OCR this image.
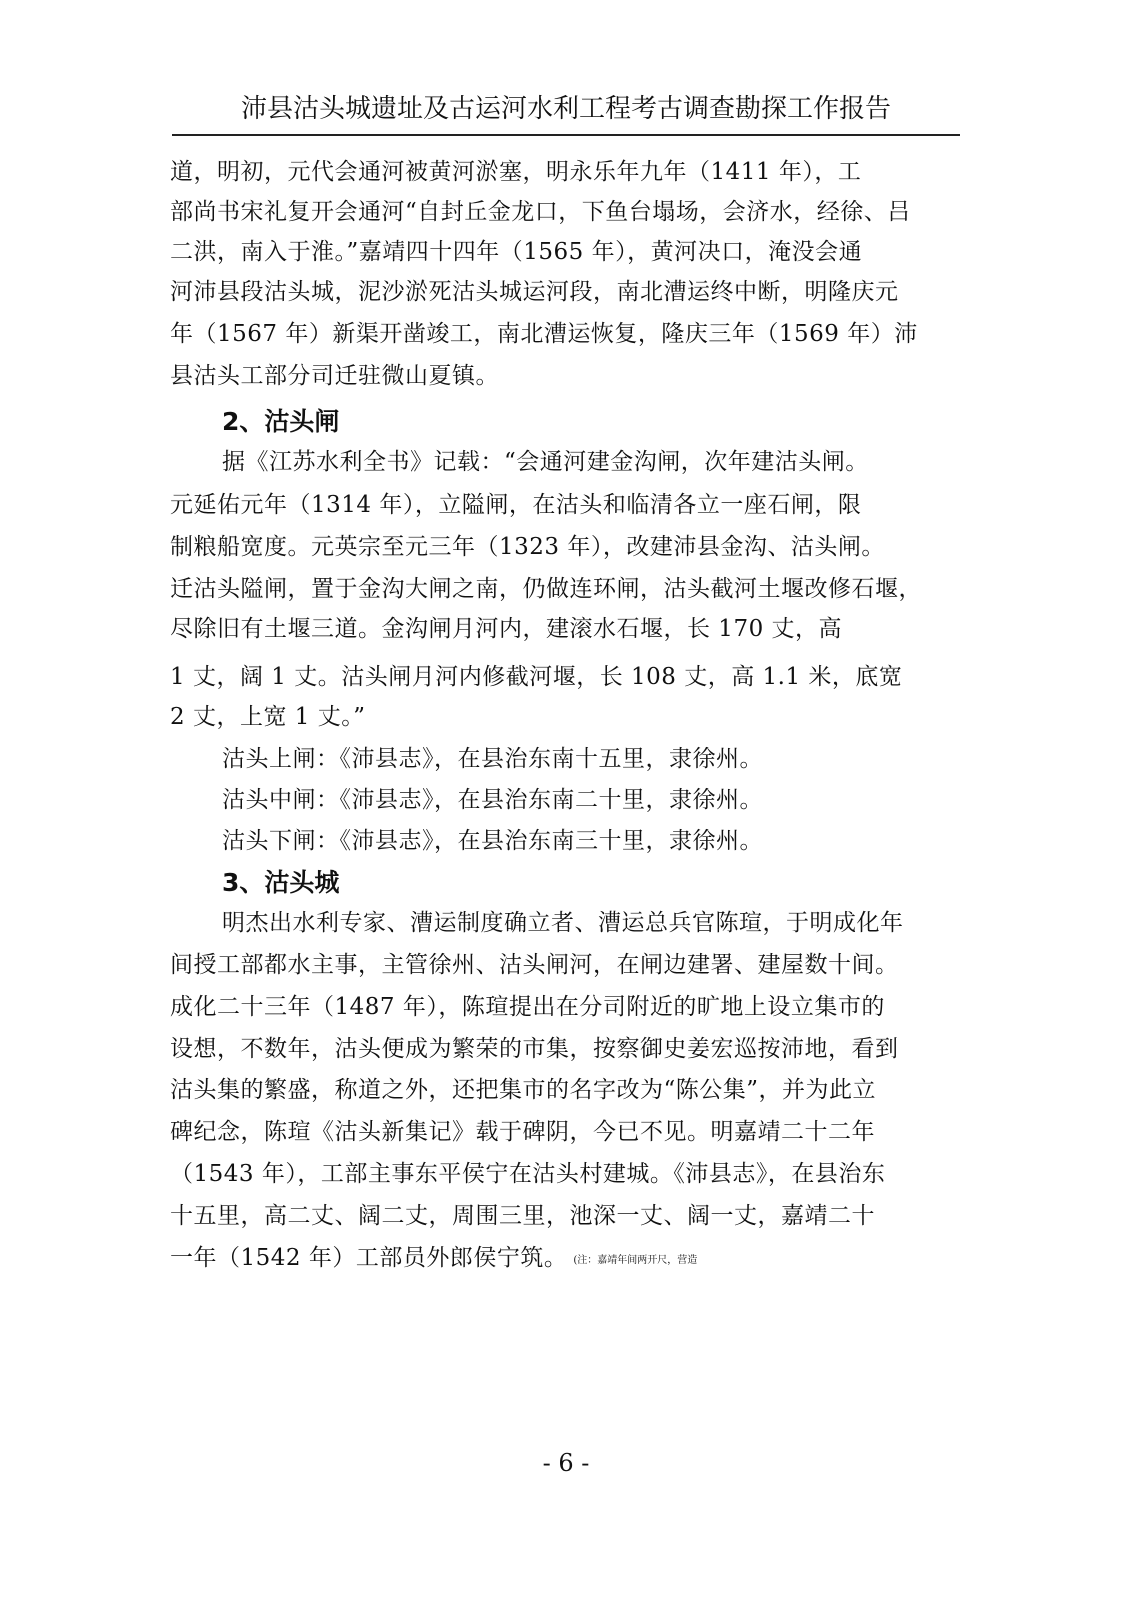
沛县沽头城遗址及古运河水利工程考古调查勘探工作报告
道，明初，元代会通河被黄河淤塞，明永乐年九年（1411 年），工
部尚书宋礼复开会通河“自封丘金龙口，下鱼台塌场，会济水，经徐、吕
二洪，南入于淮。”嘉靖四十四年（1565 年），黄河决口，淹没会通
河沛县段沽头城，泥沙淤死沽头城运河段，南北漕运终中断，明隆庆元
年（1567 年）新渠开凿竣工，南北漕运恢复，隆庆三年（1569 年）沛
县沽头工部分司迁驻微山夏镇。
2、沽头闸
据《江苏水利全书》记载：“会通河建金沟闸，次年建沽头闸。
元延佑元年（1314 年），立隘闸，在沽头和临清各立一座石闸，限
制粮船宽度。元英宗至元三年（1323 年），改建沛县金沟、沽头闸。
迁沽头隘闸，置于金沟大闸之南，仍做连环闸，沽头截河土堰改修石堰，
尽除旧有土堰三道。金沟闸月河内，建滚水石堰，长 170 丈，高
1 丈，阔 1 丈。沽头闸月河内修截河堰，长 108 丈，高 1.1 米，底宽
2 丈，上宽 1 丈。”
沽头上闸：《沛县志》，在县治东南十五里，隶徐州。
沽头中闸：《沛县志》，在县治东南二十里，隶徐州。
沽头下闸：《沛县志》，在县治东南三十里，隶徐州。
3、沽头城
明杰出水利专家、漕运制度确立者、漕运总兵官陈瑄，于明成化年
间授工部都水主事，主管徐州、沽头闸河，在闸边建署、建屋数十间。
成化二十三年（1487 年），陈瑄提出在分司附近的旷地上设立集市的
设想，不数年，沽头便成为繁荣的市集，按察御史姜宏巡按沛地，看到
沽头集的繁盛，称道之外，还把集市的名字改为“陈公集”，并为此立
碑纪念，陈瑄《沽头新集记》载于碑阴，今已不见。明嘉靖二十二年
（1543 年），工部主事东平侯宁在沽头村建城。《沛县志》，在县治东
十五里，高二丈、阔二丈，周围三里，池深一丈、阔一丈，嘉靖二十
一年（1542 年）工部员外郎侯宁筑。 (注：嘉靖年间两开尺，营造
- 6 -
